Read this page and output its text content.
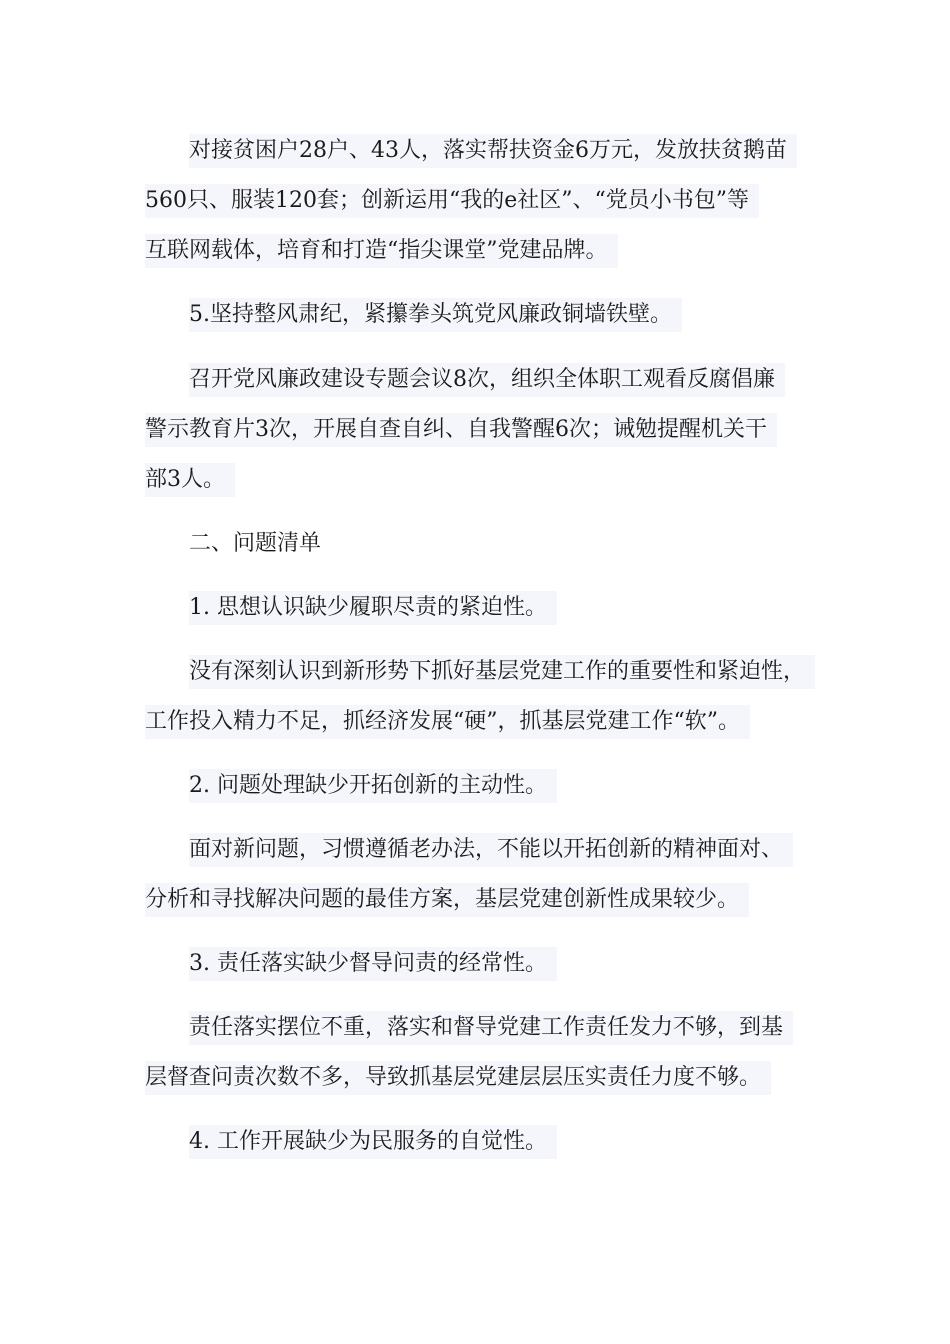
对接贫困户28户、43人，落实帮扶资金6万元，发放扶贫鹅苗
560只、服装120套；创新运用“我的e社区”、“党员小书包”等
互联网载体，培育和打造“指尖课堂”党建品牌。
5.坚持整风肃纪，紧攥拳头筑党风廉政铜墙铁壁。
召开党风廉政建设专题会议8次，组织全体职工观看反腐倡廉
警示教育片3次，开展自查自纠、自我警醒6次；诫勉提醒机关干
部3人。
二、问题清单
1. 思想认识缺少履职尽责的紧迫性。
没有深刻认识到新形势下抓好基层党建工作的重要性和紧迫性，
工作投入精力不足，抓经济发展“硬”，抓基层党建工作“软”。
2. 问题处理缺少开拓创新的主动性。
面对新问题，习惯遵循老办法，不能以开拓创新的精神面对、
分析和寻找解决问题的最佳方案，基层党建创新性成果较少。
3. 责任落实缺少督导问责的经常性。
责任落实摆位不重，落实和督导党建工作责任发力不够，到基
层督查问责次数不多，导致抓基层党建层层压实责任力度不够。
4. 工作开展缺少为民服务的自觉性。
